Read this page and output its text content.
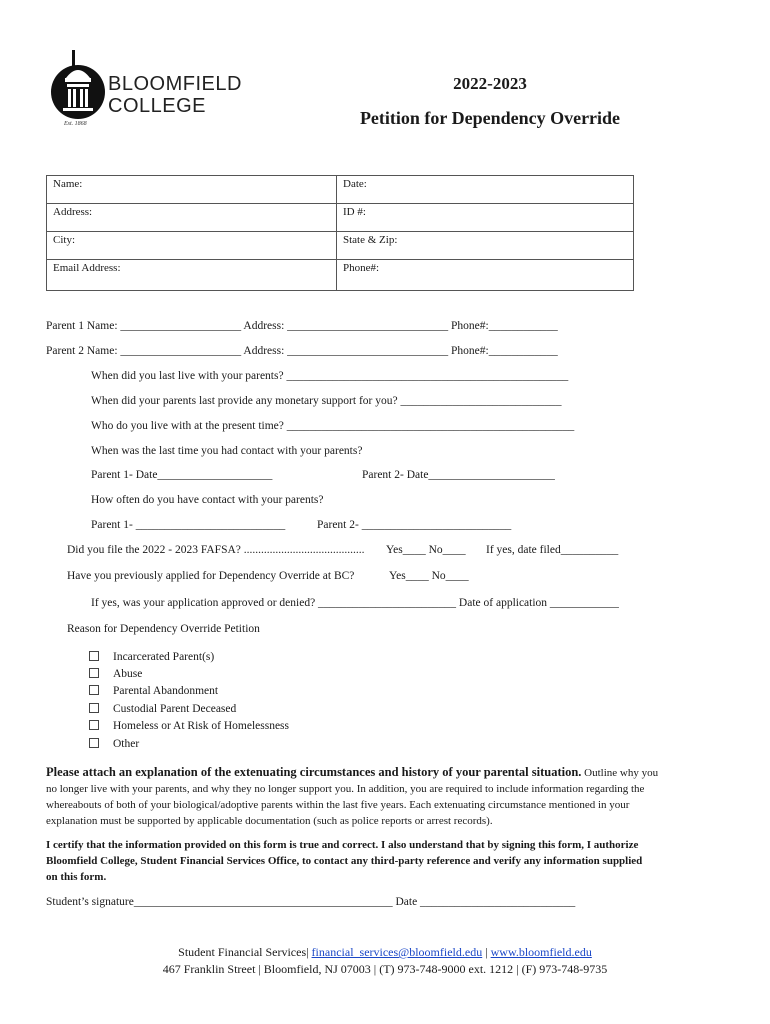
BLOOMFIELD
COLLEGE
Est. 1868
2022-2023
Petition for Dependency Override
Name:	Date:
Address:	ID #:
City:	State & Zip:
Email Address:	Phone#:
Parent 1 Name: _____________________ Address: ____________________________ Phone#:____________
Parent 2 Name: _____________________ Address: ____________________________ Phone#:____________
When did you last live with your parents? _________________________________________________
When did your parents last provide any monetary support for you? ____________________________
Who do you live with at the present time? __________________________________________________
When was the last time you had contact with your parents?
Parent 1- Date____________________	Parent 2- Date______________________
How often do you have contact with your parents?
Parent 1- __________________________	Parent 2- __________________________
Did you file the 2022 - 2023 FAFSA? .......................................... Yes____ No____ If yes, date filed__________
Have you previously applied for Dependency Override at BC?	Yes____ No____
If yes, was your application approved or denied? ________________________ Date of application ____________
Reason for Dependency Override Petition
Incarcerated Parent(s)
Abuse
Parental Abandonment
Custodial Parent Deceased
Homeless or At Risk of Homelessness
Other
Please attach an explanation of the extenuating circumstances and history of your parental situation. Outline why you
no longer live with your parents, and why they no longer support you. In addition, you are required to include information regarding the
whereabouts of both of your biological/adoptive parents within the last five years. Each extenuating circumstance mentioned in your
explanation must be supported by applicable documentation (such as police reports or arrest records).
I certify that the information provided on this form is true and correct. I also understand that by signing this form, I authorize
Bloomfield College, Student Financial Services Office, to contact any third-party reference and verify any information supplied
on this form.
Student’s signature_____________________________________________ Date ___________________________
Student Financial Services| financial_services@bloomfield.edu | www.bloomfield.edu
467 Franklin Street | Bloomfield, NJ 07003 | (T) 973-748-9000 ext. 1212 | (F) 973-748-9735
